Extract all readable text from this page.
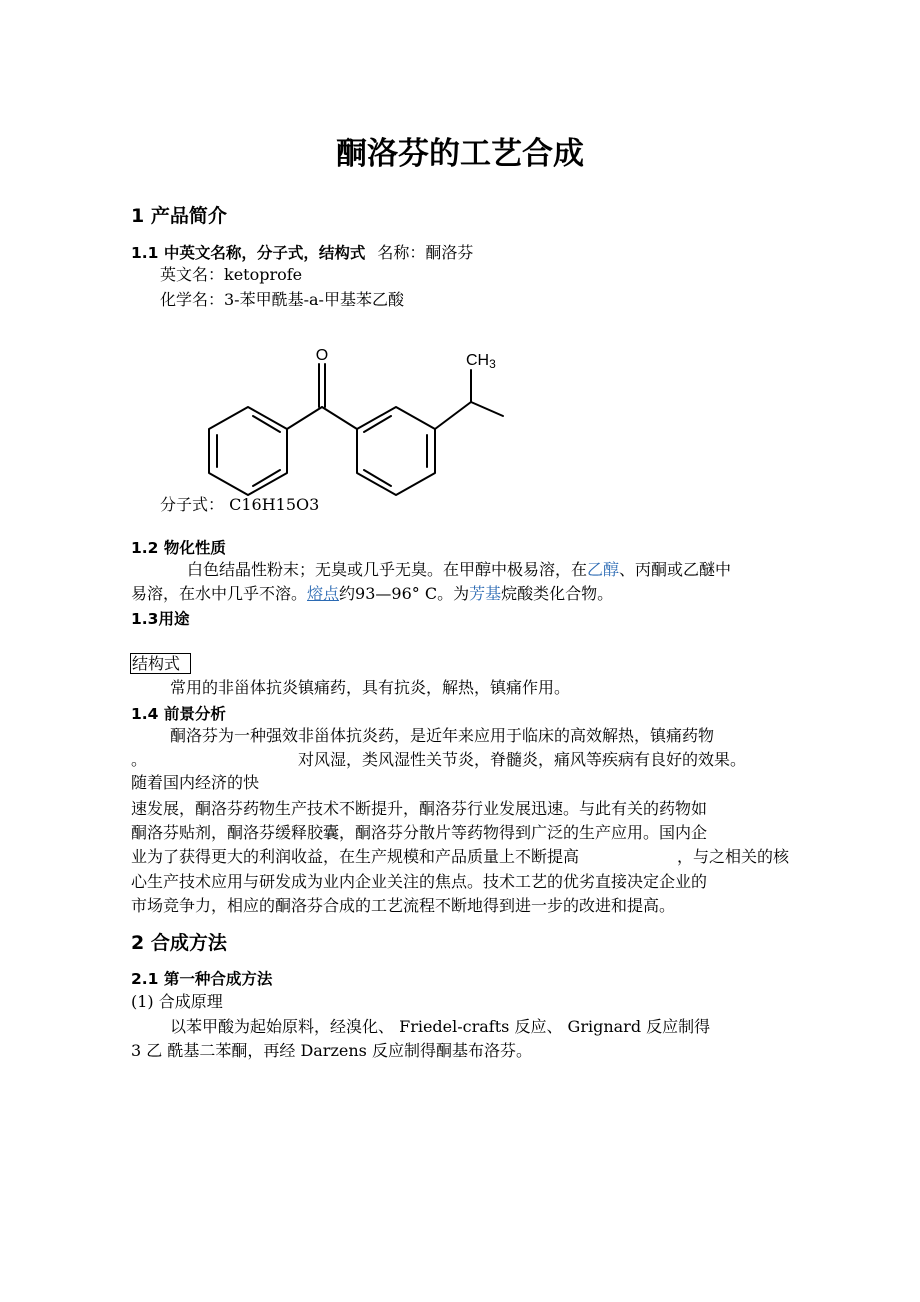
酮洛芬的工艺合成
1 产品简介
1.1 中英文名称，分子式，结构式 名称：酮洛芬
英文名：ketoprofe
化学名：3-苯甲酰基-a-甲基苯乙酸
O	CH3
分子式： C16H15O3
1.2 物化性质
白色结晶性粉末；无臭或几乎无臭。在甲醇中极易溶，在乙醇、丙酮或乙醚中
易溶，在水中几乎不溶。熔点约93—96° C。为芳基烷酸类化合物。
1.3用途
结构式
常用的非甾体抗炎镇痛药，具有抗炎，解热，镇痛作用。
1.4 前景分析
酮洛芬为一种强效非甾体抗炎药，是近年来应用于临床的高效解热，镇痛药物
。	对风湿，类风湿性关节炎，脊髓炎，痛风等疾病有良好的效果。
随着国内经济的快
速发展，酮洛芬药物生产技术不断提升，酮洛芬行业发展迅速。与此有关的药物如
酮洛芬贴剂，酮洛芬缓释胶囊，酮洛芬分散片等药物得到广泛的生产应用。国内企
业为了获得更大的利润收益，在生产规模和产品质量上不断提高	，与之相关的核
心生产技术应用与研发成为业内企业关注的焦点。技术工艺的优劣直接决定企业的
市场竞争力，相应的酮洛芬合成的工艺流程不断地得到进一步的改进和提高。
2 合成方法
2.1 第一种合成方法
(1) 合成原理
以苯甲酸为起始原料，经溴化、 Friedel-crafts 反应、 Grignard 反应制得
3 乙 酰基二苯酮，再经 Darzens 反应制得酮基布洛芬。
